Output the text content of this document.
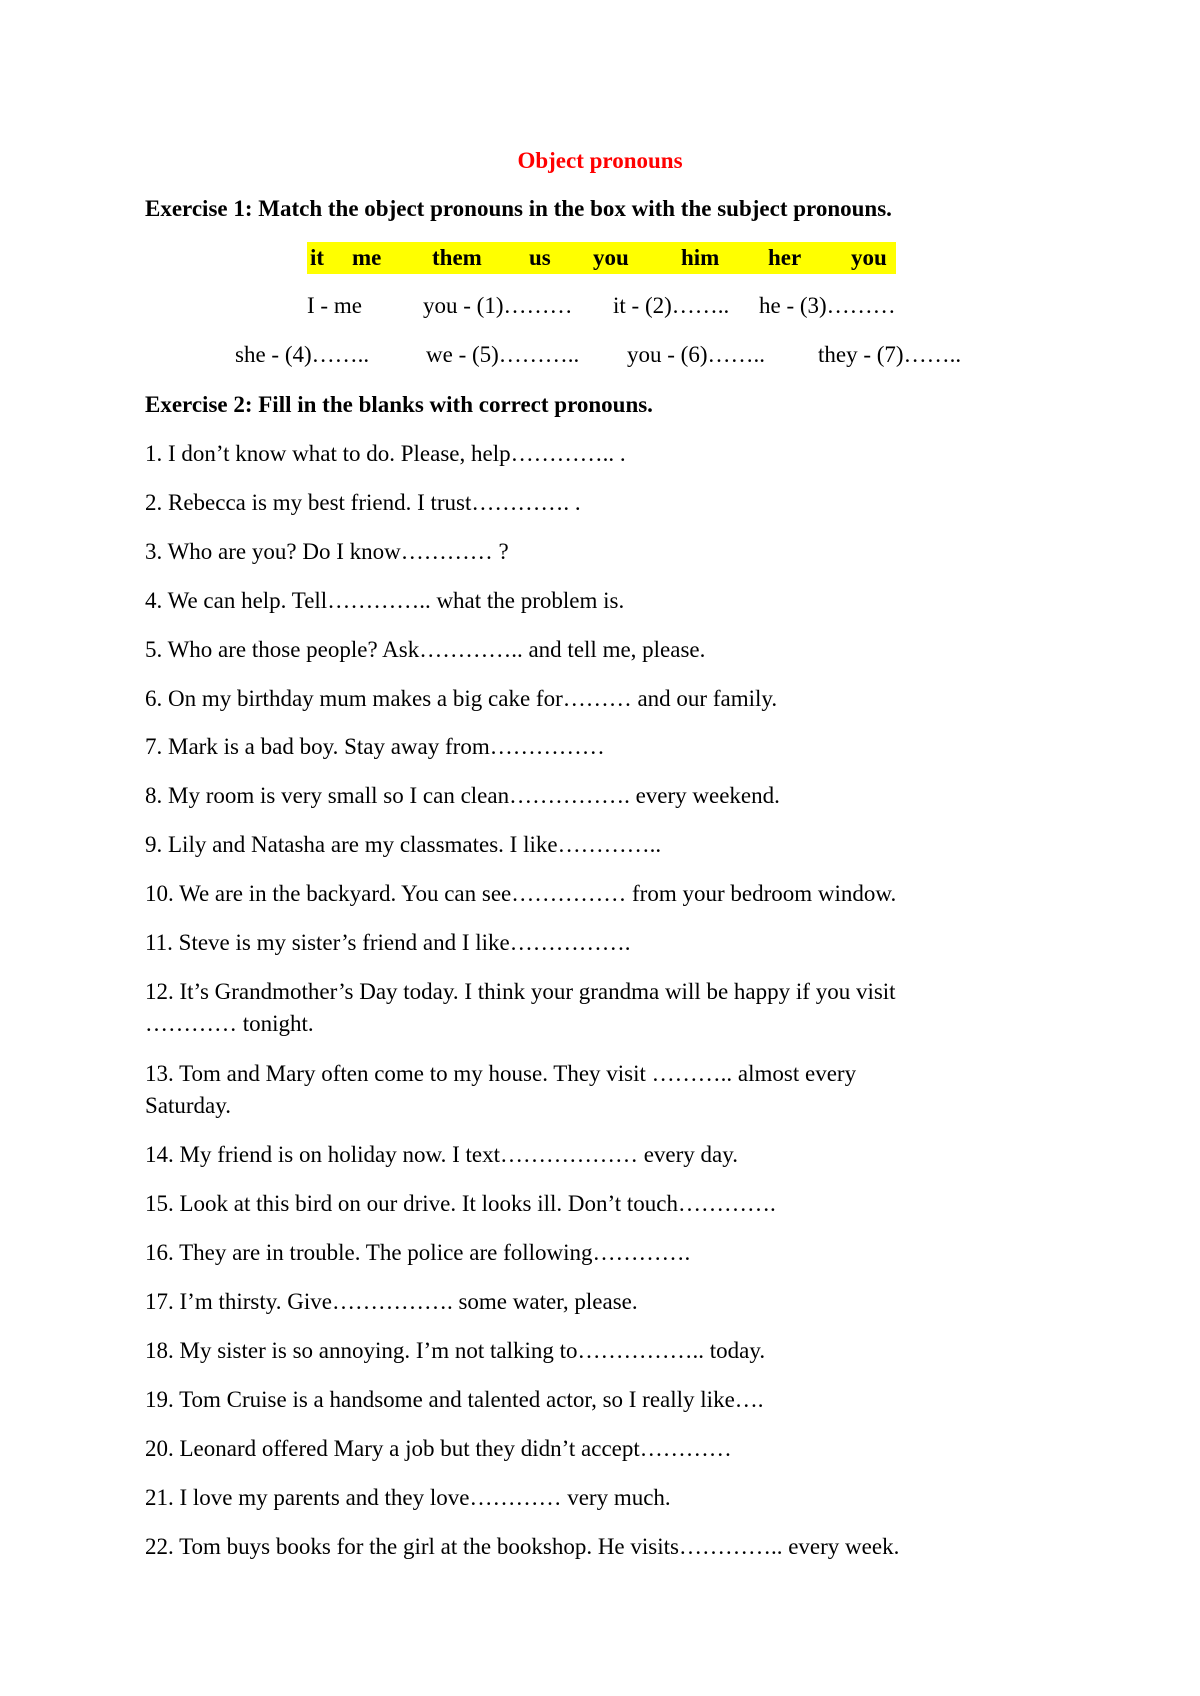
Object pronouns

Exercise 1: Match the object pronouns in the box with the subject pronouns.

it me them us you him her you
I - me	you - (1)……… it - (2)…….. he - (3)………
she - (4)…….. we - (5)……….. you - (6)…….. they - (7)……..

Exercise 2: Fill in the blanks with correct pronouns.

1. I don’t know what to do. Please, help………….. .
2. Rebecca is my best friend. I trust…………. .
3. Who are you? Do I know………… ?
4. We can help. Tell………….. what the problem is.
5. Who are those people? Ask………….. and tell me, please.
6. On my birthday mum makes a big cake for……… and our family.
7. Mark is a bad boy. Stay away from……………
8. My room is very small so I can clean……………. every weekend.
9. Lily and Natasha are my classmates. I like…………..
10. We are in the backyard. You can see…………… from your bedroom window.
11. Steve is my sister’s friend and I like…………….
12. It’s Grandmother’s Day today. I think your grandma will be happy if you visit
………… tonight.
13. Tom and Mary often come to my house. They visit ……….. almost every
Saturday.
14. My friend is on holiday now. I text……………… every day.
15. Look at this bird on our drive. It looks ill. Don’t touch………….
16. They are in trouble. The police are following………….
17. I’m thirsty. Give……………. some water, please.
18. My sister is so annoying. I’m not talking to…………….. today.
19. Tom Cruise is a handsome and talented actor, so I really like….
20. Leonard offered Mary a job but they didn’t accept…………
21. I love my parents and they love………… very much.
22. Tom buys books for the girl at the bookshop. He visits………….. every week.
